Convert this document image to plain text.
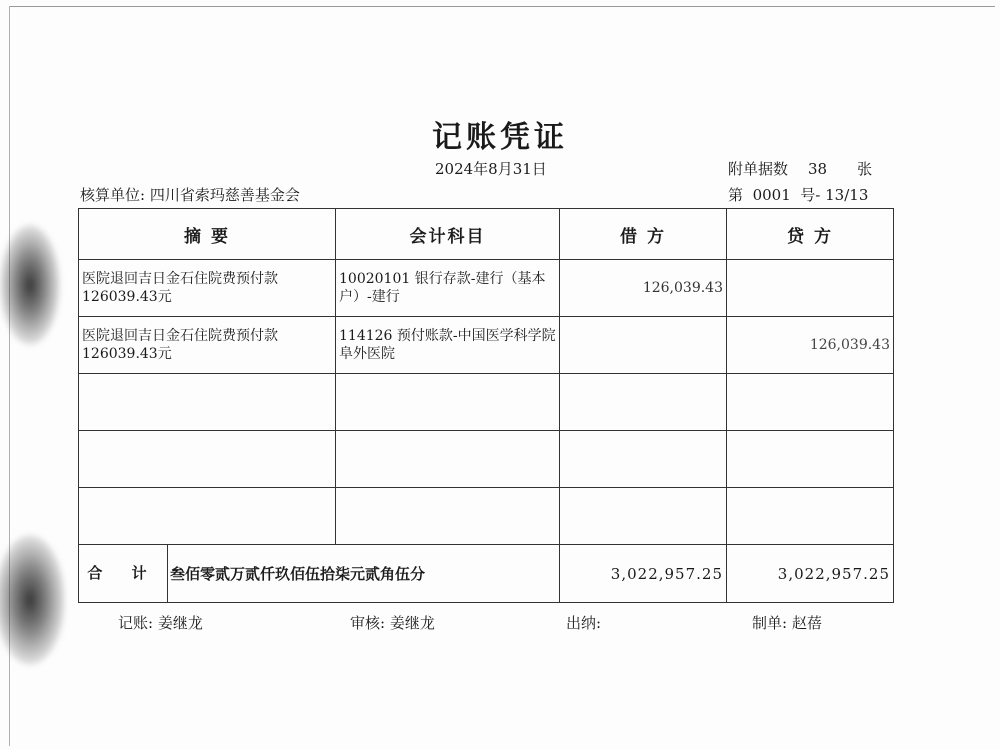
记账凭证
2024年8月31日	附单据数 38 张
核算单位: 四川省索玛慈善基金会	第 0001 号- 13/13
摘 要	会计科目	借 方	贷 方
医院退回吉日金石住院费预付款126039.43元	10020101 银行存款-建行（基本户）-建行	126,039.43	
医院退回吉日金石住院费预付款126039.43元	114126 预付账款-中国医学科学院阜外医院		126,039.43

合 计 叁佰零贰万贰仟玖佰伍拾柒元贰角伍分		3,022,957.25	3,022,957.25
记账: 姜继龙	审核: 姜继龙	出纳:	制单: 赵蓓
